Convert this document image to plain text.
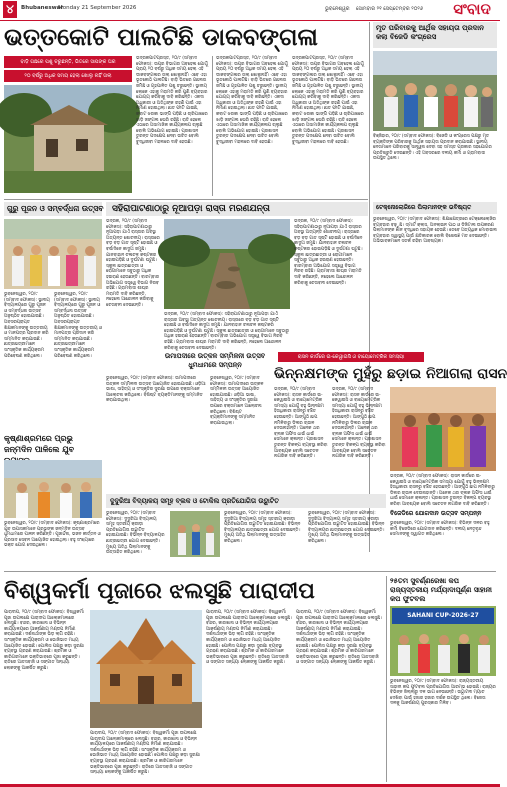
୪	Bhubaneswar
Monday 21 September 2026	ଭୁବନେଶ୍ୱର ସୋମବାର ୨୧ ସେପ୍ଟେମ୍ବର ୨୦୨୬	ସଂବାଦ
ଭତ୍ତକୋଟି ପାଲଟିଛି ଡାକବଙ୍ଗଳା
ବାଡ଼ି ଗଛରେ ପଶୁ ଚରୁଛନ୍ତି, ଭିତରେ ସାପଙ୍କ ଘର
୨୦ ବର୍ଷରୁ ଅଧିକ ସମୟ ହେଲା ଖୋଲୁ ନାହିଁ ତାଲା
ଭଦ୍ରକପାଟପ୍ରସ୍ତ, ୨୦/୯ (ସମ୍ବାଦ ଫୋକସ): ଉପର ବିଭାଗର ଅବହେଳା ଯୋଗୁଁ ପ୍ରାୟ ୨୦ ବର୍ଷରୁ ଅଧିକ ସମୟ ହେଲା ଏହି ଡାକବଙ୍ଗଳାର ତାଲା ଖୋଲୁନାହିଁ। ଏବେ ଏହା ଭୂତକୋଠି ପାଲଟିଛି। ବାଡ଼ି ଭିତରେ ଗଛଲତା ଜମିଛି ଓ ଗୃହପାଳିତ ପଶୁ ଚରୁଛନ୍ତି। ସ୍ଥାନୀୟ ଲୋକେ ଏହାକୁ ମରାମତି କରି ପୁଣି ବ୍ୟବହାର ଯୋଗ୍ୟ କରିବାକୁ ଦାବି କରିଛନ୍ତି। ଏକଦା ଅଧିକାରୀ ଓ ଅତିଥିଙ୍କ ରହଣି ପାଇଁ ଏହା ନିର୍ମାଣ ହୋଇଥିଲା। ଛାତ ଫାଟି ଯାଇଛି, କବାଟ ଝରକା ଭାଙ୍ଗି ପଡ଼ିଛି ଓ ଚାରିପାଖରେ ଝାଡ଼ି ଜଙ୍ଗଲ ଘେରି ରହିଛି। ରାତି ହେଲେ ଏଠାରେ ଅସାମାଜିକ କାର୍ଯ୍ୟକଳାପ ଚାଲୁଛି ବୋଲି ଅଭିଯୋଗ ହୋଇଛି। ପ୍ରଶାସନ ତୁରନ୍ତ ପଦକ୍ଷେପ ନେବା ଉଚିତ ବୋଲି ବୁଦ୍ଧିଜୀବୀ ମହଲରେ ଦାବି ହେଉଛି।
ଭଦ୍ରକପାଟପ୍ରସ୍ତ, ୨୦/୯ (ସମ୍ବାଦ ଫୋକସ): ଉପର ବିଭାଗର ଅବହେଳା ଯୋଗୁଁ ପ୍ରାୟ ୨୦ ବର୍ଷରୁ ଅଧିକ ସମୟ ହେଲା ଏହି ଡାକବଙ୍ଗଳାର ତାଲା ଖୋଲୁନାହିଁ। ଏବେ ଏହା ଭୂତକୋଠି ପାଲଟିଛି। ବାଡ଼ି ଭିତରେ ଗଛଲତା ଜମିଛି ଓ ଗୃହପାଳିତ ପଶୁ ଚରୁଛନ୍ତି। ସ୍ଥାନୀୟ ଲୋକେ ଏହାକୁ ମରାମତି କରି ପୁଣି ବ୍ୟବହାର ଯୋଗ୍ୟ କରିବାକୁ ଦାବି କରିଛନ୍ତି। ଏକଦା ଅଧିକାରୀ ଓ ଅତିଥିଙ୍କ ରହଣି ପାଇଁ ଏହା ନିର୍ମାଣ ହୋଇଥିଲା। ଛାତ ଫାଟି ଯାଇଛି, କବାଟ ଝରକା ଭାଙ୍ଗି ପଡ଼ିଛି ଓ ଚାରିପାଖରେ ଝାଡ଼ି ଜଙ୍ଗଲ ଘେରି ରହିଛି। ରାତି ହେଲେ ଏଠାରେ ଅସାମାଜିକ କାର୍ଯ୍ୟକଳାପ ଚାଲୁଛି ବୋଲି ଅଭିଯୋଗ ହୋଇଛି। ପ୍ରଶାସନ ତୁରନ୍ତ ପଦକ୍ଷେପ ନେବା ଉଚିତ ବୋଲି ବୁଦ୍ଧିଜୀବୀ ମହଲରେ ଦାବି ହେଉଛି।
ଭଦ୍ରକପାଟପ୍ରସ୍ତ, ୨୦/୯ (ସମ୍ବାଦ ଫୋକସ): ଉପର ବିଭାଗର ଅବହେଳା ଯୋଗୁଁ ପ୍ରାୟ ୨୦ ବର୍ଷରୁ ଅଧିକ ସମୟ ହେଲା ଏହି ଡାକବଙ୍ଗଳାର ତାଲା ଖୋଲୁନାହିଁ। ଏବେ ଏହା ଭୂତକୋଠି ପାଲଟିଛି। ବାଡ଼ି ଭିତରେ ଗଛଲତା ଜମିଛି ଓ ଗୃହପାଳିତ ପଶୁ ଚରୁଛନ୍ତି। ସ୍ଥାନୀୟ ଲୋକେ ଏହାକୁ ମରାମତି କରି ପୁଣି ବ୍ୟବହାର ଯୋଗ୍ୟ କରିବାକୁ ଦାବି କରିଛନ୍ତି। ଏକଦା ଅଧିକାରୀ ଓ ଅତିଥିଙ୍କ ରହଣି ପାଇଁ ଏହା ନିର୍ମାଣ ହୋଇଥିଲା। ଛାତ ଫାଟି ଯାଇଛି, କବାଟ ଝରକା ଭାଙ୍ଗି ପଡ଼ିଛି ଓ ଚାରିପାଖରେ ଝାଡ଼ି ଜଙ୍ଗଲ ଘେରି ରହିଛି। ରାତି ହେଲେ ଏଠାରେ ଅସାମାଜିକ କାର୍ଯ୍ୟକଳାପ ଚାଲୁଛି ବୋଲି ଅଭିଯୋଗ ହୋଇଛି। ପ୍ରଶାସନ ତୁରନ୍ତ ପଦକ୍ଷେପ ନେବା ଉଚିତ ବୋଲି ବୁଦ୍ଧିଜୀବୀ ମହଲରେ ଦାବି ହେଉଛି।
ମୃତ ପରିବାରକୁ ଆର୍ଥିକ ସହାୟତା ପ୍ରଦାନ କଲା ବିଜେଡି କଂଗ୍ରେସ
ବିଞ୍ଜିହାର, ୨୦/୯ (ସମ୍ବାଦ ଫୋକସ): ବିଜେଡି ଓ କଂଗ୍ରେସ ପକ୍ଷରୁ ମୃତ ବ୍ୟକ୍ତିଙ୍କ ପରିବାରକୁ ଆର୍ଥିକ ସହାୟତା ପ୍ରଦାନ କରାଯାଇଛି। ସ୍ଥାନୀୟ ନେତାମାନେ ପରିବାରକୁ ସାନ୍ତ୍ୱନା ଦେବା ସହ ସମସ୍ତ ପ୍ରକାର ସହଯୋଗର ପ୍ରତିଶ୍ରୁତି ଦେଇଛନ୍ତି। ଏହି ଅବସରରେ ଦଳୀୟ କର୍ମୀ ଓ ଗ୍ରାମବାସୀ ଉପସ୍ଥିତ ଥିଲେ।
ଗୁରୁ ପୂଜନ ଓ ସମ୍ବର୍ଦ୍ଧନା ଉତ୍ସବ ସହିରାପାଟଣାଠାରୁ ନୂଆପଡ଼ା ରାସ୍ତା ମରଣଯନ୍ତା
ଭୁବନେଶ୍ୱର, ୨୦/୯ (ସମ୍ବାଦ ଫୋକସ): ସ୍ଥାନୀୟ ବିଦ୍ୟାଳୟରେ ଗୁରୁ ପୂଜନ ଓ ସମ୍ବର୍ଦ୍ଧନା ଉତ୍ସବ ଅନୁଷ୍ଠିତ ହୋଇଯାଇଛି। ଅବସରପ୍ରାପ୍ତ ଶିକ୍ଷକମାନଙ୍କୁ ଉତ୍ତରୀୟ ଓ ମାନପତ୍ର ପ୍ରଦାନ କରି ସମ୍ମାନିତ କରାଯାଇଛି। ଛାତ୍ରଛାତ୍ରୀମାନେ ସାଂସ୍କୃତିକ କାର୍ଯ୍ୟକ୍ରମ ପରିବେଷଣ କରିଥିଲେ।
ଭୁବନେଶ୍ୱର, ୨୦/୯ (ସମ୍ବାଦ ଫୋକସ): ସ୍ଥାନୀୟ ବିଦ୍ୟାଳୟରେ ଗୁରୁ ପୂଜନ ଓ ସମ୍ବର୍ଦ୍ଧନା ଉତ୍ସବ ଅନୁଷ୍ଠିତ ହୋଇଯାଇଛି। ଅବସରପ୍ରାପ୍ତ ଶିକ୍ଷକମାନଙ୍କୁ ଉତ୍ତରୀୟ ଓ ମାନପତ୍ର ପ୍ରଦାନ କରି ସମ୍ମାନିତ କରାଯାଇଛି। ଛାତ୍ରଛାତ୍ରୀମାନେ ସାଂସ୍କୃତିକ କାର୍ଯ୍ୟକ୍ରମ ପରିବେଷଣ କରିଥିଲେ।
ଭଦ୍ରକ, ୨୦/୯ (ସମ୍ବାଦ ଫୋକସ): ସହିରାପାଟଣାଠାରୁ ନୂଆପଡ଼ା ଯାଏଁ ରାସ୍ତାର ଅବସ୍ଥା ଅତ୍ୟନ୍ତ ଶୋଚନୀୟ। ରାସ୍ତାରେ ବଡ଼ ବଡ଼ ଗାତ ସୃଷ୍ଟି ହୋଇଛି ଓ ବର୍ଷାଦିନେ କାଦୁଅ ଜମୁଛି। ଯାନବାହାନ ଚଳାଚଳ କଷ୍ଟକର ହୋଇପଡ଼ିଛି ଓ ଦୁର୍ଘଟଣା ଘଟୁଛି। ସ୍କୁଲ ଛାତ୍ରଛାତ୍ରୀ ଓ ରୋଗୀମାନେ ସବୁଠାରୁ ଅଧିକ ହଇରାଣ ହେଉଛନ୍ତି। ବାରମ୍ବାର ଅଭିଯୋଗ ସତ୍ତ୍ୱେ ବିଭାଗ ନିରବ ରହିଛି। ଗ୍ରାମବାସୀ ଶୀଘ୍ର ମରାମତି ଦାବି କରିଛନ୍ତି, ନହେଲେ ଆନ୍ଦୋଳନ କରିବାକୁ ଚେତାବନୀ ଦେଇଛନ୍ତି।
ଭଦ୍ରକ, ୨୦/୯ (ସମ୍ବାଦ ଫୋକସ): ସହିରାପାଟଣାଠାରୁ ନୂଆପଡ଼ା ଯାଏଁ ରାସ୍ତାର ଅବସ୍ଥା ଅତ୍ୟନ୍ତ ଶୋଚନୀୟ। ରାସ୍ତାରେ ବଡ଼ ବଡ଼ ଗାତ ସୃଷ୍ଟି ହୋଇଛି ଓ ବର୍ଷାଦିନେ କାଦୁଅ ଜମୁଛି। ଯାନବାହାନ ଚଳାଚଳ କଷ୍ଟକର ହୋଇପଡ଼ିଛି ଓ ଦୁର୍ଘଟଣା ଘଟୁଛି। ସ୍କୁଲ ଛାତ୍ରଛାତ୍ରୀ ଓ ରୋଗୀମାନେ ସବୁଠାରୁ ଅଧିକ ହଇରାଣ ହେଉଛନ୍ତି। ବାରମ୍ବାର ଅଭିଯୋଗ ସତ୍ତ୍ୱେ ବିଭାଗ ନିରବ ରହିଛି। ଗ୍ରାମବାସୀ ଶୀଘ୍ର ମରାମତି ଦାବି କରିଛନ୍ତି, ନହେଲେ ଆନ୍ଦୋଳନ କରିବାକୁ ଚେତାବନୀ ଦେଇଛନ୍ତି।
ଭଦ୍ରକ, ୨୦/୯ (ସମ୍ବାଦ ଫୋକସ): ସହିରାପାଟଣାଠାରୁ ନୂଆପଡ଼ା ଯାଏଁ ରାସ୍ତାର ଅବସ୍ଥା ଅତ୍ୟନ୍ତ ଶୋଚନୀୟ। ରାସ୍ତାରେ ବଡ଼ ବଡ଼ ଗାତ ସୃଷ୍ଟି ହୋଇଛି ଓ ବର୍ଷାଦିନେ କାଦୁଅ ଜମୁଛି। ଯାନବାହାନ ଚଳାଚଳ କଷ୍ଟକର ହୋଇପଡ଼ିଛି ଓ ଦୁର୍ଘଟଣା ଘଟୁଛି। ସ୍କୁଲ ଛାତ୍ରଛାତ୍ରୀ ଓ ରୋଗୀମାନେ ସବୁଠାରୁ ଅଧିକ ହଇରାଣ ହେଉଛନ୍ତି। ବାରମ୍ବାର ଅଭିଯୋଗ ସତ୍ତ୍ୱେ ବିଭାଗ ନିରବ ରହିଛି। ଗ୍ରାମବାସୀ ଶୀଘ୍ର ମରାମତି ଦାବି କରିଛନ୍ତି, ନହେଲେ ଆନ୍ଦୋଳନ କରିବାକୁ ଚେତାବନୀ ଦେଇଛନ୍ତି।
ଟେକ୍‌ନୋଲୋଜିରେ ପିଲାମାନଙ୍କ ଭବିଷ୍ୟତ
ଭୁବନେଶ୍ୱର, ୨୦/୯ (ସମ୍ବାଦ ଫୋକସ): ଶିକ୍ଷାକ୍ଷେତ୍ରରେ ଟେକ୍‌ନୋଲୋଜିର ବ୍ୟବହାର ବଢ଼ୁଛି। ସ୍ମାର୍ଟ କ୍ଲାସ, ଅନଲାଇନ ପାଠ ଓ ଡିଜିଟାଲ ଉପକରଣ ପିଲାମାନଙ୍କ ଜ୍ଞାନ ବୃଦ୍ଧିରେ ସହାୟକ ହେଉଛି। ତେବେ ଅତ୍ୟଧିକ ମୋବାଇଲ ବ୍ୟବହାର ସ୍ୱାସ୍ଥ୍ୟ ପାଇଁ କ୍ଷତିକାରକ ବୋଲି ବିଶେଷଜ୍ଞ ମତ ଦେଇଛନ୍ତି। ଅଭିଭାବକମାନେ ସତର୍କ ରହିବା ଆବଶ୍ୟକ।
କୃଷ୍ଣାଶ୍ରମରେ ପ୍ରଭୁ ଜନ୍ମଦିନ ପାଳିଲେ ଯୁବ
ଭୁବନେଶ୍ୱର, ୨୦/୯ (ସମ୍ବାଦ ଫୋକସ): କୃଷ୍ଣାଶ୍ରମରେ ଯୁବ ଉପାସକମାନେ ପ୍ରଭୁଙ୍କ ଜନ୍ମଦିନ ଉତ୍ସବ ଧୁମଧାମରେ ପାଳନ କରିଛନ୍ତି। ପୂଜାର୍ଚ୍ଚନା, ଭଜନ କୀର୍ତ୍ତନ ଓ ପ୍ରସାଦ ସେବନ ଆୟୋଜିତ ହୋଇଥିଲା। ବହୁ ସଂଖ୍ୟାରେ ଭକ୍ତ ଯୋଗ ଦେଇଥିଲେ।
ଉମାପଦୀରେ ଉତ୍କଳ ସମ୍ମିଳନୀ ଉତ୍ସବ ଧୁମଧାମରେ ସମ୍ପନ୍ନ
ଭୁବନେଶ୍ୱର, ୨୦/୯ (ସମ୍ବାଦ ଫୋକସ): ଉମାପଦୀରେ ଉତ୍କଳ ସମ୍ମିଳନୀ ଉତ୍ସବ ଆୟୋଜିତ ହୋଇଯାଇଛି। ଓଡ଼ିଆ ଭାଷା, ସାହିତ୍ୟ ଓ ସଂସ୍କୃତିର ସୁରକ୍ଷା ଉପରେ ବକ୍ତାମାନେ ଆଲୋଚନା କରିଥିଲେ। ବିଶିଷ୍ଟ ବ୍ୟକ୍ତିମାନଙ୍କୁ ସମ୍ମାନିତ କରାଯାଇଥିଲା।
ଭୁବନେଶ୍ୱର, ୨୦/୯ (ସମ୍ବାଦ ଫୋକସ): ଉମାପଦୀରେ ଉତ୍କଳ ସମ୍ମିଳନୀ ଉତ୍ସବ ଆୟୋଜିତ ହୋଇଯାଇଛି। ଓଡ଼ିଆ ଭାଷା, ସାହିତ୍ୟ ଓ ସଂସ୍କୃତିର ସୁରକ୍ଷା ଉପରେ ବକ୍ତାମାନେ ଆଲୋଚନା କରିଥିଲେ। ବିଶିଷ୍ଟ ବ୍ୟକ୍ତିମାନଙ୍କୁ ସମ୍ମାନିତ କରାଯାଇଥିଲା।
ରାସନ କାର୍ଡରେ ଇ-କେୱାଇସି ଓ ବାୟୋମେଟ୍ରିକ ସମସ୍ୟା
ଭିନ୍ନକ୍ଷମଙ୍କ ମୁହଁରୁ ଛଡ଼ାଇ ନିଆଗଲା ରାସନ
ଭଦ୍ରକ, ୨୦/୯ (ସମ୍ବାଦ ଫୋକସ): ରାସନ କାର୍ଡରେ ଇ-କେୱାଇସି ଓ ବାୟୋମେଟ୍ରିକ ସମସ୍ୟା ଯୋଗୁଁ ବହୁ ଭିନ୍ନକ୍ଷମ ହିତାଧିକାରୀ ରାସନରୁ ବଞ୍ଚିତ ହେଉଛନ୍ତି। ଆଙ୍ଗୁଠି ଛାପ ନମିଳିବାରୁ ଡିଲର ଚାଉଳ ଦେଉନାହାନ୍ତି। ଅନେକ ଥର ବ୍ଲକ ଅଫିସ ଧାଇଁ ଧାଇଁ ସେମାନେ କ୍ଳାନ୍ତ। ପ୍ରଶାସନ ତୁରନ୍ତ ବିକଳ୍ପ ବ୍ୟବସ୍ଥା କରିବା ଆବଶ୍ୟକ ବୋଲି ସଚେତନ ନାଗରିକ ଦାବି କରିଛନ୍ତି।
ଭଦ୍ରକ, ୨୦/୯ (ସମ୍ବାଦ ଫୋକସ): ରାସନ କାର୍ଡରେ ଇ-କେୱାଇସି ଓ ବାୟୋମେଟ୍ରିକ ସମସ୍ୟା ଯୋଗୁଁ ବହୁ ଭିନ୍ନକ୍ଷମ ହିତାଧିକାରୀ ରାସନରୁ ବଞ୍ଚିତ ହେଉଛନ୍ତି। ଆଙ୍ଗୁଠି ଛାପ ନମିଳିବାରୁ ଡିଲର ଚାଉଳ ଦେଉନାହାନ୍ତି। ଅନେକ ଥର ବ୍ଲକ ଅଫିସ ଧାଇଁ ଧାଇଁ ସେମାନେ କ୍ଳାନ୍ତ। ପ୍ରଶାସନ ତୁରନ୍ତ ବିକଳ୍ପ ବ୍ୟବସ୍ଥା କରିବା ଆବଶ୍ୟକ ବୋଲି ସଚେତନ ନାଗରିକ ଦାବି କରିଛନ୍ତି।
ଭଦ୍ରକ, ୨୦/୯ (ସମ୍ବାଦ ଫୋକସ): ରାସନ କାର୍ଡରେ ଇ-କେୱାଇସି ଓ ବାୟୋମେଟ୍ରିକ ସମସ୍ୟା ଯୋଗୁଁ ବହୁ ଭିନ୍ନକ୍ଷମ ହିତାଧିକାରୀ ରାସନରୁ ବଞ୍ଚିତ ହେଉଛନ୍ତି। ଆଙ୍ଗୁଠି ଛାପ ନମିଳିବାରୁ ଡିଲର ଚାଉଳ ଦେଉନାହାନ୍ତି। ଅନେକ ଥର ବ୍ଲକ ଅଫିସ ଧାଇଁ ଧାଇଁ ସେମାନେ କ୍ଳାନ୍ତ। ପ୍ରଶାସନ ତୁରନ୍ତ ବିକଳ୍ପ ବ୍ୟବସ୍ଥା କରିବା ଆବଶ୍ୟକ ବୋଲି ସଚେତନ ନାଗରିକ ଦାବି କରିଛନ୍ତି।
ବିଜେଡିରେ ଯୋଗଦାନ ଉତ୍ସବ ସମ୍ପନ୍ନ
ଭୁବନେଶ୍ୱର, ୨୦/୯ (ସମ୍ବାଦ ଫୋକସ): ବିଭିନ୍ନ ଦଳର ବହୁ କର୍ମୀ ବିଜେଡିରେ ଯୋଗଦାନ କରିଛନ୍ତି। ଦଳୀୟ ନେତୃବୃନ୍ଦ ସେମାନଙ୍କୁ ସ୍ୱାଗତ କରିଥିଲେ।
ଦୁଦୁରିଆ ବିଦ୍ୟାଳୟ ସମୂହ ବ୍ଲକ ଓ ଟୋକିଲ ପ୍ରତିଯୋଗିତା ଉଦ୍ଘାଟିତ
ଭୁବନେଶ୍ୱର, ୨୦/୯ (ସମ୍ବାଦ ଫୋକସ): ଦୁଦୁରିଆ ବିଦ୍ୟାଳୟ ସମୂହ ସ୍ତରୀୟ କ୍ରୀଡ଼ା ପ୍ରତିଯୋଗିତା ଉଦ୍ଘାଟିତ ହୋଇଯାଇଛି। ବିଭିନ୍ନ ବିଦ୍ୟାଳୟର ଛାତ୍ରଛାତ୍ରୀ ଯୋଗ ଦେଇଛନ୍ତି। ମୁଖ୍ୟ ଅତିଥି ପିଲାମାନଙ୍କୁ ଉତ୍ସାହିତ କରିଥିଲେ।
ଭୁବନେଶ୍ୱର, ୨୦/୯ (ସମ୍ବାଦ ଫୋକସ): ଦୁଦୁରିଆ ବିଦ୍ୟାଳୟ ସମୂହ ସ୍ତରୀୟ କ୍ରୀଡ଼ା ପ୍ରତିଯୋଗିତା ଉଦ୍ଘାଟିତ ହୋଇଯାଇଛି। ବିଭିନ୍ନ ବିଦ୍ୟାଳୟର ଛାତ୍ରଛାତ୍ରୀ ଯୋଗ ଦେଇଛନ୍ତି। ମୁଖ୍ୟ ଅତିଥି ପିଲାମାନଙ୍କୁ ଉତ୍ସାହିତ କରିଥିଲେ।
ଭୁବନେଶ୍ୱର, ୨୦/୯ (ସମ୍ବାଦ ଫୋକସ): ଦୁଦୁରିଆ ବିଦ୍ୟାଳୟ ସମୂହ ସ୍ତରୀୟ କ୍ରୀଡ଼ା ପ୍ରତିଯୋଗିତା ଉଦ୍ଘାଟିତ ହୋଇଯାଇଛି। ବିଭିନ୍ନ ବିଦ୍ୟାଳୟର ଛାତ୍ରଛାତ୍ରୀ ଯୋଗ ଦେଇଛନ୍ତି। ମୁଖ୍ୟ ଅତିଥି ପିଲାମାନଙ୍କୁ ଉତ୍ସାହିତ କରିଥିଲେ।
ବିଶ୍ୱକର୍ମା ପୂଜାରେ ଝଲସୁଛି ପାରାଦୀପ
ପାରାଦୀପ, ୨୦/୯ (ସମ୍ବାଦ ଫୋକସ): ବିଶ୍ୱକର୍ମା ପୂଜା ଉପଲକ୍ଷେ ପାରାଦୀପ ଆଲୋକମାଳାରେ ଝଲସୁଛି। ବନ୍ଦର, କାରଖାନା ଓ ବିଭିନ୍ନ କାର୍ଯ୍ୟାଳୟରେ ଆକର୍ଷଣୀୟ ମଣ୍ଡପ ନିର୍ମାଣ କରାଯାଇଛି। ଦର୍ଶନାର୍ଥୀଙ୍କ ଭିଡ଼ ଲାଗି ରହିଛି। ସାଂସ୍କୃତିକ କାର୍ଯ୍ୟକ୍ରମ ଓ ଭୋଜିଭାତ ମଧ୍ୟ ଆୟୋଜିତ ହୋଇଛି। ପୋଲିସ ପକ୍ଷରୁ କଡ଼ା ସୁରକ୍ଷା ବ୍ୟବସ୍ଥା ଗ୍ରହଣ କରାଯାଇଛି। ଶ୍ରମିକ ଓ କାରିଗରମାନେ ଭକ୍ତିଭାବରେ ପୂଜା କରୁଛନ୍ତି। ରାତିରେ ଆତସବାଜି ଓ ସଙ୍ଗୀତ ସନ୍ଧ୍ୟା ଲୋକଙ୍କୁ ଆକର୍ଷିତ କରୁଛି।
ପାରାଦୀପ, ୨୦/୯ (ସମ୍ବାଦ ଫୋକସ): ବିଶ୍ୱକର୍ମା ପୂଜା ଉପଲକ୍ଷେ ପାରାଦୀପ ଆଲୋକମାଳାରେ ଝଲସୁଛି। ବନ୍ଦର, କାରଖାନା ଓ ବିଭିନ୍ନ କାର୍ଯ୍ୟାଳୟରେ ଆକର୍ଷଣୀୟ ମଣ୍ଡପ ନିର୍ମାଣ କରାଯାଇଛି। ଦର୍ଶନାର୍ଥୀଙ୍କ ଭିଡ଼ ଲାଗି ରହିଛି। ସାଂସ୍କୃତିକ କାର୍ଯ୍ୟକ୍ରମ ଓ ଭୋଜିଭାତ ମଧ୍ୟ ଆୟୋଜିତ ହୋଇଛି। ପୋଲିସ ପକ୍ଷରୁ କଡ଼ା ସୁରକ୍ଷା ବ୍ୟବସ୍ଥା ଗ୍ରହଣ କରାଯାଇଛି। ଶ୍ରମିକ ଓ କାରିଗରମାନେ ଭକ୍ତିଭାବରେ ପୂଜା କରୁଛନ୍ତି। ରାତିରେ ଆତସବାଜି ଓ ସଙ୍ଗୀତ ସନ୍ଧ୍ୟା ଲୋକଙ୍କୁ ଆକର୍ଷିତ କରୁଛି।
ପାରାଦୀପ, ୨୦/୯ (ସମ୍ବାଦ ଫୋକସ): ବିଶ୍ୱକର୍ମା ପୂଜା ଉପଲକ୍ଷେ ପାରାଦୀପ ଆଲୋକମାଳାରେ ଝଲସୁଛି। ବନ୍ଦର, କାରଖାନା ଓ ବିଭିନ୍ନ କାର୍ଯ୍ୟାଳୟରେ ଆକର୍ଷଣୀୟ ମଣ୍ଡପ ନିର୍ମାଣ କରାଯାଇଛି। ଦର୍ଶନାର୍ଥୀଙ୍କ ଭିଡ଼ ଲାଗି ରହିଛି। ସାଂସ୍କୃତିକ କାର୍ଯ୍ୟକ୍ରମ ଓ ଭୋଜିଭାତ ମଧ୍ୟ ଆୟୋଜିତ ହୋଇଛି। ପୋଲିସ ପକ୍ଷରୁ କଡ଼ା ସୁରକ୍ଷା ବ୍ୟବସ୍ଥା ଗ୍ରହଣ କରାଯାଇଛି। ଶ୍ରମିକ ଓ କାରିଗରମାନେ ଭକ୍ତିଭାବରେ ପୂଜା କରୁଛନ୍ତି। ରାତିରେ ଆତସବାଜି ଓ ସଙ୍ଗୀତ ସନ୍ଧ୍ୟା ଲୋକଙ୍କୁ ଆକର୍ଷିତ କରୁଛି।
ପାରାଦୀପ, ୨୦/୯ (ସମ୍ବାଦ ଫୋକସ): ବିଶ୍ୱକର୍ମା ପୂଜା ଉପଲକ୍ଷେ ପାରାଦୀପ ଆଲୋକମାଳାରେ ଝଲସୁଛି। ବନ୍ଦର, କାରଖାନା ଓ ବିଭିନ୍ନ କାର୍ଯ୍ୟାଳୟରେ ଆକର୍ଷଣୀୟ ମଣ୍ଡପ ନିର୍ମାଣ କରାଯାଇଛି। ଦର୍ଶନାର୍ଥୀଙ୍କ ଭିଡ଼ ଲାଗି ରହିଛି। ସାଂସ୍କୃତିକ କାର୍ଯ୍ୟକ୍ରମ ଓ ଭୋଜିଭାତ ମଧ୍ୟ ଆୟୋଜିତ ହୋଇଛି। ପୋଲିସ ପକ୍ଷରୁ କଡ଼ା ସୁରକ୍ଷା ବ୍ୟବସ୍ଥା ଗ୍ରହଣ କରାଯାଇଛି। ଶ୍ରମିକ ଓ କାରିଗରମାନେ ଭକ୍ତିଭାବରେ ପୂଜା କରୁଛନ୍ତି। ରାତିରେ ଆତସବାଜି ଓ ସଙ୍ଗୀତ ସନ୍ଧ୍ୟା ଲୋକଙ୍କୁ ଆକର୍ଷିତ କରୁଛି।
୨୫ତମ ସୁବର୍ଣ୍ଣରେଖା କପ ରାଜ୍ୟସ୍ତରୀୟ ମର୍ଯ୍ୟାଦାପୂର୍ଣ୍ଣ ସାହାନୀ କପ ଫୁଟବଲ
SAHANI CUP-2026-27
ଭୁବନେଶ୍ୱର, ୨୦/୯ (ସମ୍ବାଦ ଫୋକସ): ରାଜ୍ୟସ୍ତରୀୟ ସାହାନୀ କପ ଫୁଟବଲ ପ୍ରତିଯୋଗିତା ଆରମ୍ଭ ହୋଇଛି। ରାଜ୍ୟର ବିଭିନ୍ନ ଜିଲ୍ଲାରୁ ଦଳ ଭାଗ ନେଉଛନ୍ତି। ଉଦ୍ଘାଟନୀ ମ୍ୟାଚ ଦେଖିବା ପାଇଁ ହଜାର ହଜାର ଦର୍ଶକ ଉପସ୍ଥିତ ଥିଲେ। ବିଜେତା ଦଳକୁ ଆକର୍ଷଣୀୟ ପୁରସ୍କାର ମିଳିବ।
